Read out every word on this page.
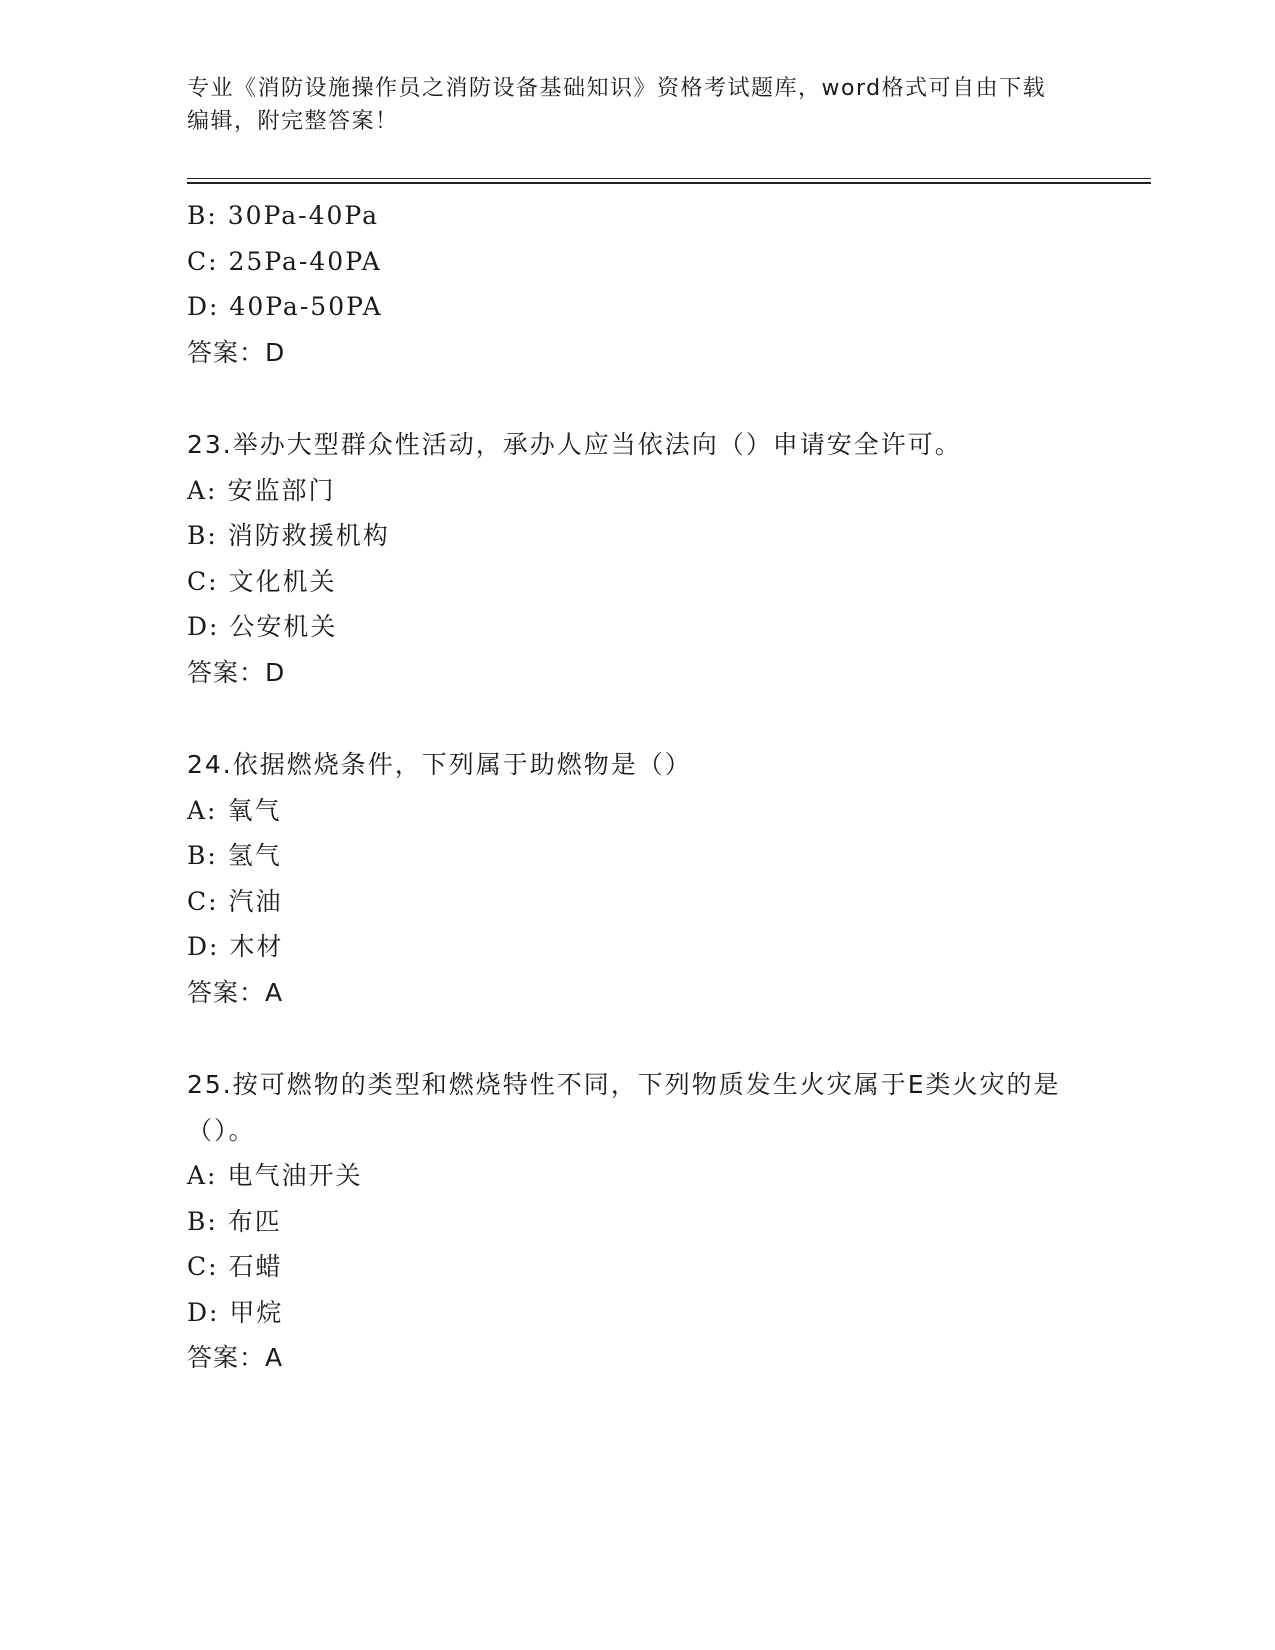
专业《消防设施操作员之消防设备基础知识》资格考试题库，word格式可自由下载编辑，附完整答案！
B: 30Pa-40Pa
C: 25Pa-40PA
D: 40Pa-50PA
答案：D
23.举办大型群众性活动，承办人应当依法向（）申请安全许可。
A: 安监部门
B: 消防救援机构
C: 文化机关
D: 公安机关
答案：D
24.依据燃烧条件，下列属于助燃物是（）
A: 氧气
B: 氢气
C: 汽油
D: 木材
答案：A
25.按可燃物的类型和燃烧特性不同，下列物质发生火灾属于E类火灾的是（）。
A: 电气油开关
B: 布匹
C: 石蜡
D: 甲烷
答案：A
